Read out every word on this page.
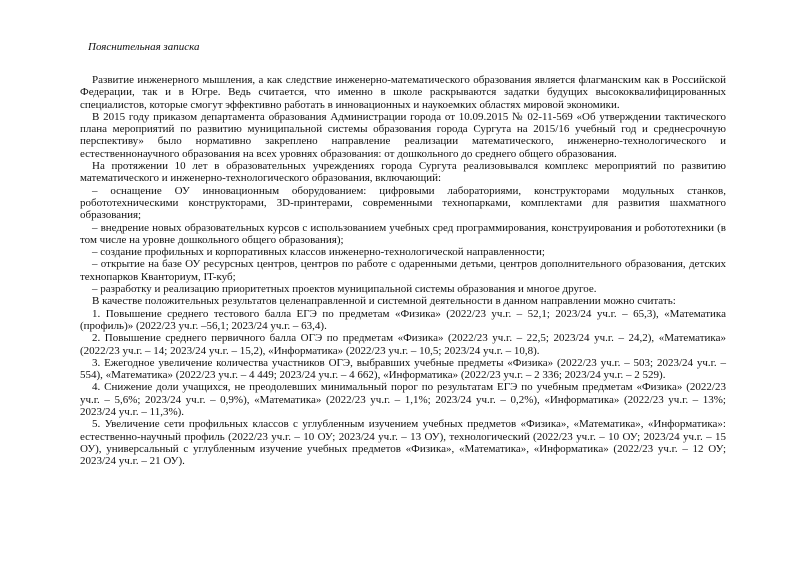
Пояснительная записка

Развитие инженерного мышления, а как следствие инженерно-математического образования является флагманским как в Российской Федерации, так и в Югре. Ведь считается, что именно в школе раскрываются задатки будущих высококвалифицированных специалистов, которые смогут эффективно работать в инновационных и наукоемких областях мировой экономики.

В 2015 году приказом департамента образования Администрации города от 10.09.2015 № 02-11-569 «Об утверждении тактического плана мероприятий по развитию муниципальной системы образования города Сургута на 2015/16 учебный год и среднесрочную перспективу» было нормативно закреплено направление реализации математического, инженерно-технологического и естественнонаучного образования на всех уровнях образования: от дошкольного до среднего общего образования.

На протяжении 10 лет в образовательных учреждениях города Сургута реализовывался комплекс мероприятий по развитию математического и инженерно-технологического образования, включающий:

– оснащение ОУ инновационным оборудованием: цифровыми лабораториями, конструкторами модульных станков, робототехническими конструкторами, 3D-принтерами, современными технопарками, комплектами для развития шахматного образования;

– внедрение новых образовательных курсов с использованием учебных сред программирования, конструирования и робототехники (в том числе на уровне дошкольного общего образования);

– создание профильных и корпоративных классов инженерно-технологической направленности;

– открытие на базе ОУ ресурсных центров, центров по работе с одаренными детьми, центров дополнительного образования, детских технопарков Кванториум, IT-куб;

– разработку и реализацию приоритетных проектов муниципальной системы образования и многое другое.

В качестве положительных результатов целенаправленной и системной деятельности в данном направлении можно считать:

1. Повышение среднего тестового балла ЕГЭ по предметам «Физика» (2022/23 уч.г. – 52,1; 2023/24 уч.г. – 65,3), «Математика (профиль)» (2022/23 уч.г. –56,1; 2023/24 уч.г. – 63,4).

2. Повышение среднего первичного балла ОГЭ по предметам «Физика» (2022/23 уч.г. – 22,5; 2023/24 уч.г. – 24,2), «Математика» (2022/23 уч.г. – 14; 2023/24 уч.г. – 15,2), «Информатика» (2022/23 уч.г. – 10,5; 2023/24 уч.г. – 10,8).

3. Ежегодное увеличение количества участников ОГЭ, выбравших учебные предметы «Физика» (2022/23 уч.г. – 503; 2023/24 уч.г. – 554), «Математика» (2022/23 уч.г. – 4 449; 2023/24 уч.г. – 4 662), «Информатика» (2022/23 уч.г. – 2 336; 2023/24 уч.г. – 2 529).

4. Снижение доли учащихся, не преодолевших минимальный порог по результатам ЕГЭ по учебным предметам «Физика» (2022/23 уч.г. – 5,6%; 2023/24 уч.г. – 0,9%), «Математика» (2022/23 уч.г. – 1,1%; 2023/24 уч.г. – 0,2%), «Информатика» (2022/23 уч.г. – 13%; 2023/24 уч.г. – 11,3%).

5. Увеличение сети профильных классов с углубленным изучением учебных предметов «Физика», «Математика», «Информатика»: естественно-научный профиль (2022/23 уч.г. – 10 ОУ; 2023/24 уч.г. – 13 ОУ), технологический (2022/23 уч.г. – 10 ОУ; 2023/24 уч.г. – 15 ОУ), универсальный с углубленным изучение учебных предметов «Физика», «Математика», «Информатика» (2022/23 уч.г. – 12 ОУ; 2023/24 уч.г. – 21 ОУ).
